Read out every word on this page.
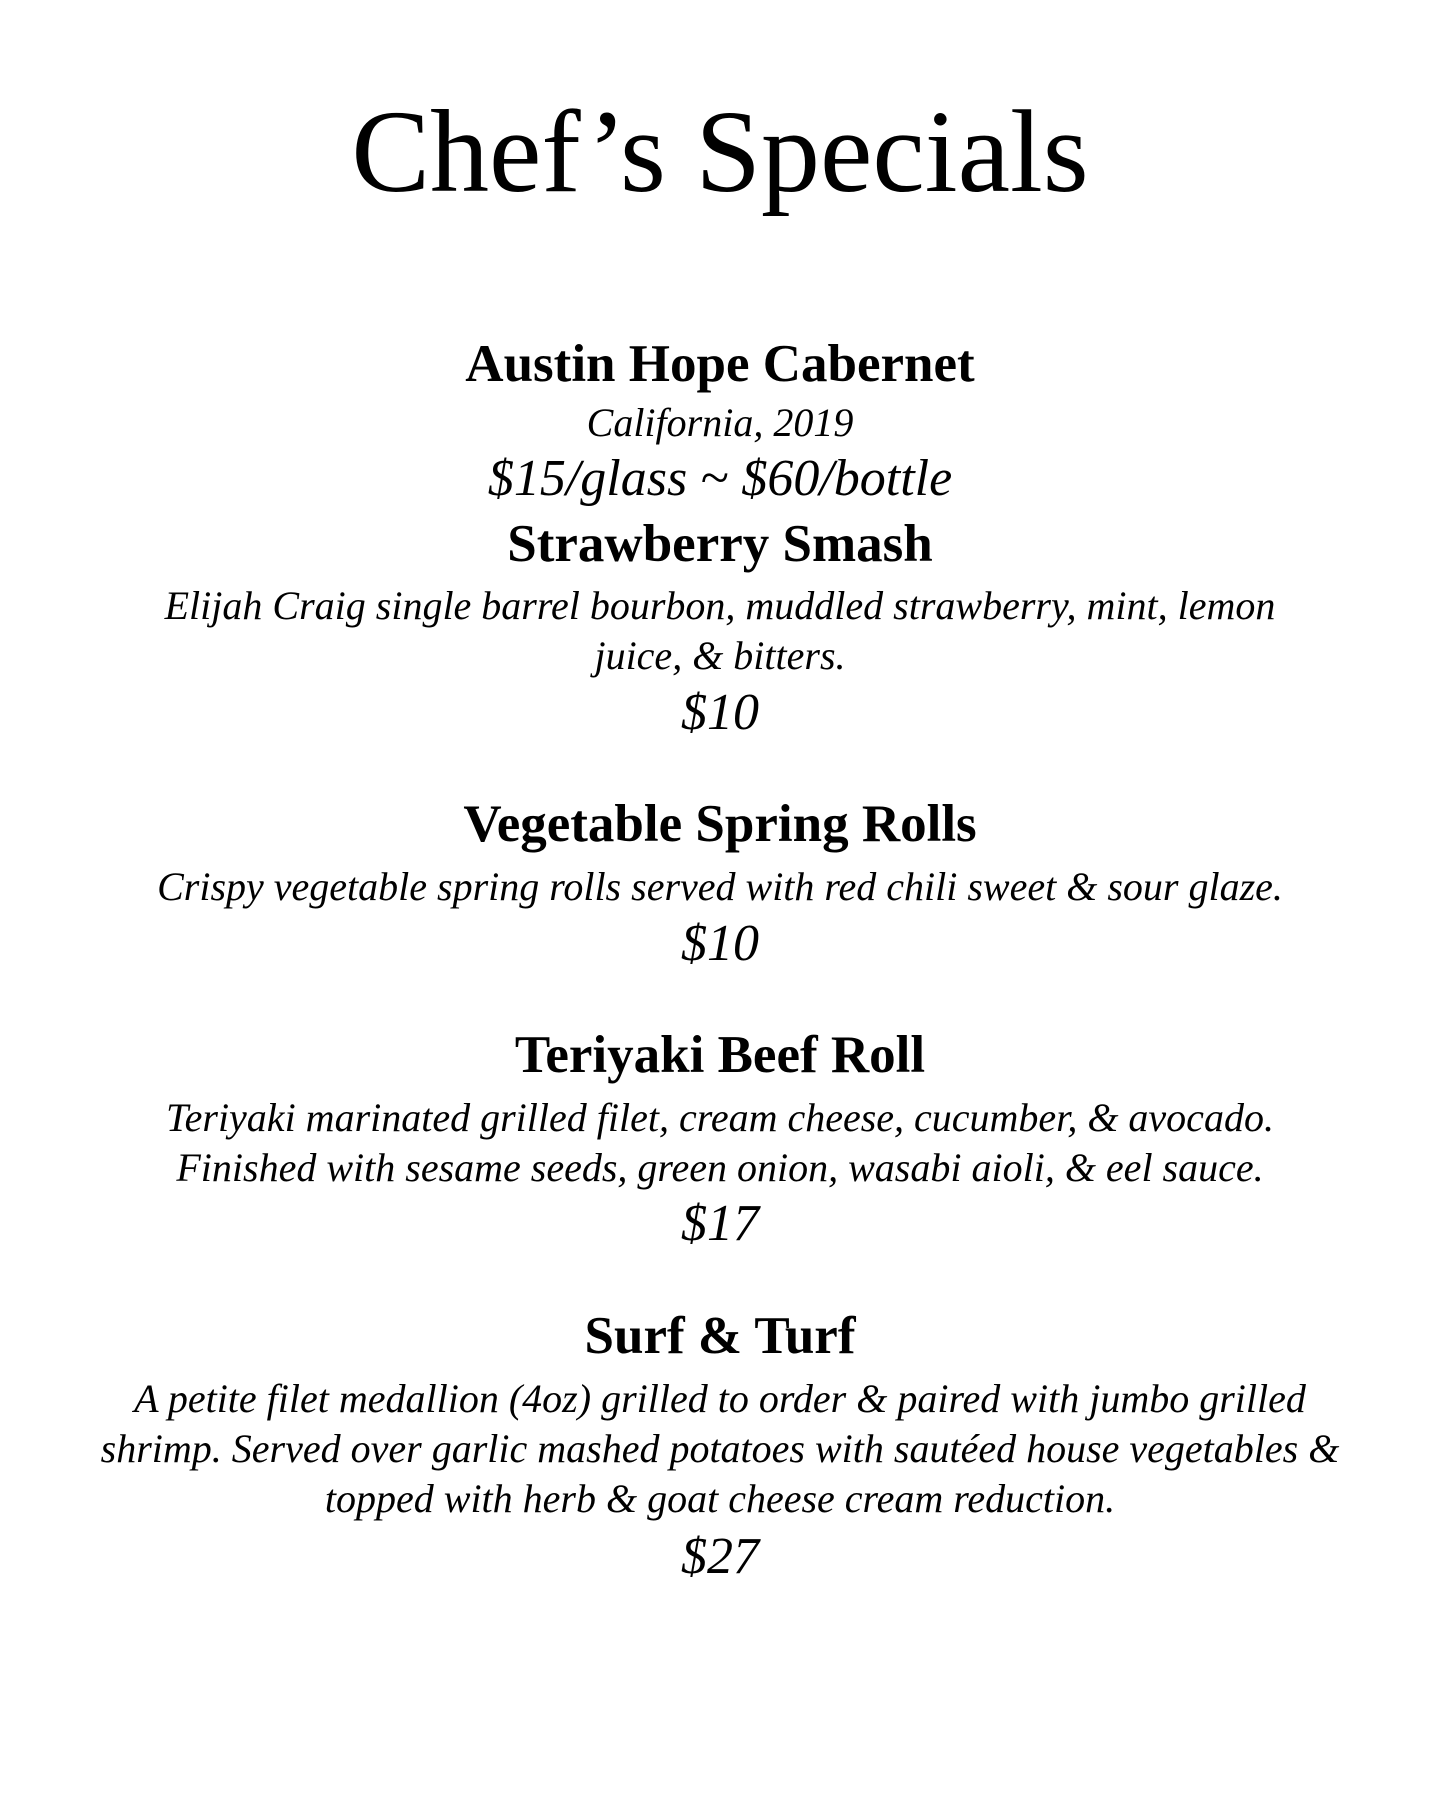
Chef’s Specials
Austin Hope Cabernet
California, 2019
$15/glass ~ $60/bottle
Strawberry Smash
Elijah Craig single barrel bourbon, muddled strawberry, mint, lemon juice, & bitters.
$10
Vegetable Spring Rolls
Crispy vegetable spring rolls served with red chili sweet & sour glaze.
$10
Teriyaki Beef Roll
Teriyaki marinated grilled filet, cream cheese, cucumber, & avocado.
Finished with sesame seeds, green onion, wasabi aioli, & eel sauce.
$17
Surf & Turf
A petite filet medallion (4oz) grilled to order & paired with jumbo grilled shrimp. Served over garlic mashed potatoes with sautéed house vegetables & topped with herb & goat cheese cream reduction.
$27
